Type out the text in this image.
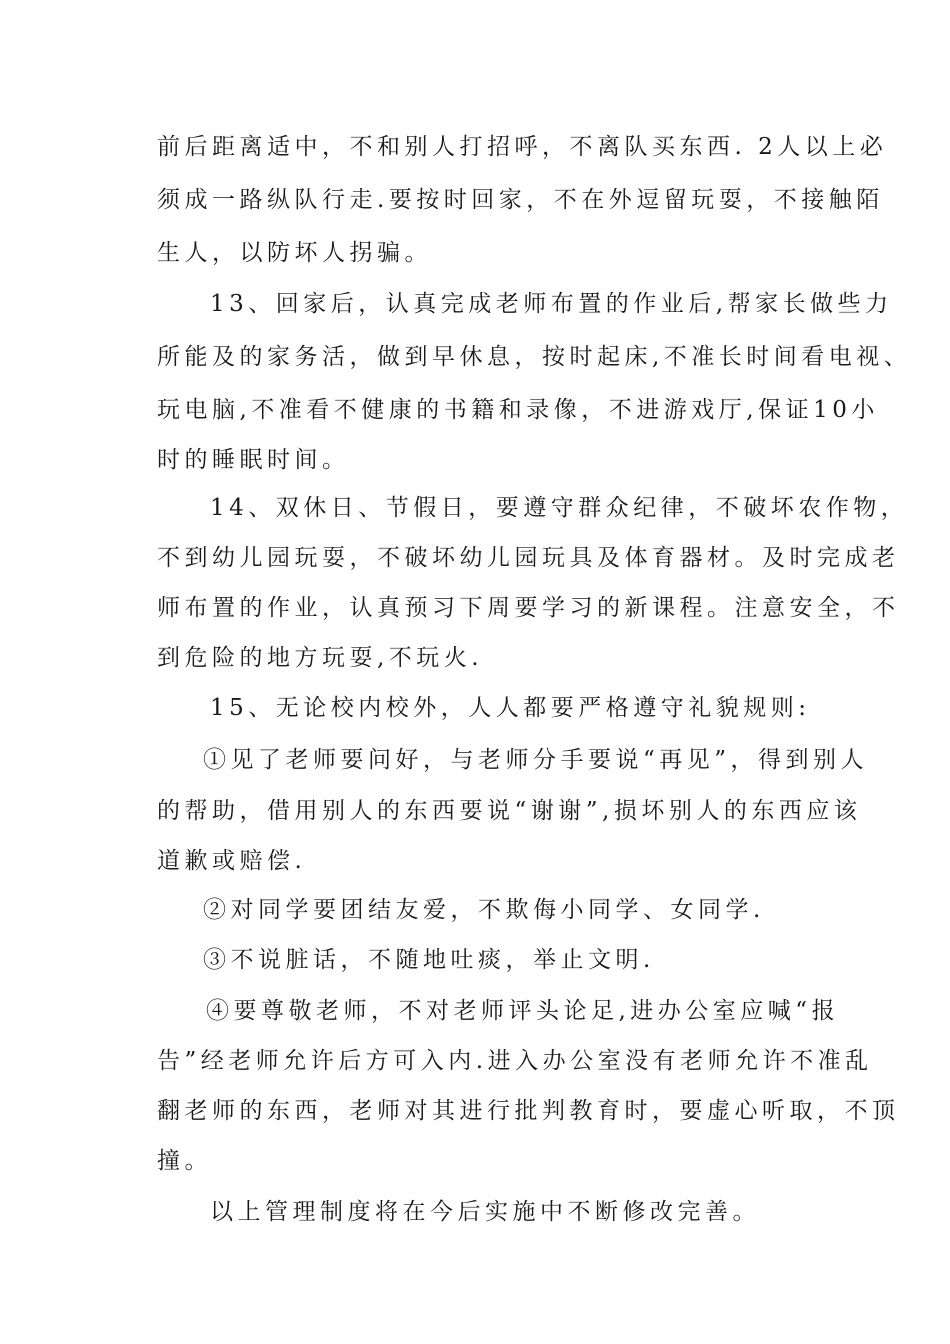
前后距离适中，不和别人打招呼，不离队买东西. 2人以上必
须成一路纵队行走.要按时回家，不在外逗留玩耍，不接触陌
生人，以防坏人拐骗。
13、回家后，认真完成老师布置的作业后,帮家长做些力
所能及的家务活，做到早休息，按时起床,不准长时间看电视、
玩电脑,不准看不健康的书籍和录像，不进游戏厅,保证10小
时的睡眠时间。
14、双休日、节假日，要遵守群众纪律，不破坏农作物，
不到幼儿园玩耍，不破坏幼儿园玩具及体育器材。及时完成老
师布置的作业，认真预习下周要学习的新课程。注意安全，不
到危险的地方玩耍,不玩火.
15、无论校内校外，人人都要严格遵守礼貌规则:
①见了老师要问好，与老师分手要说“再见”，得到别人
的帮助，借用别人的东西要说“谢谢”,损坏别人的东西应该
道歉或赔偿.
②对同学要团结友爱，不欺侮小同学、女同学.
③不说脏话，不随地吐痰，举止文明.
④要尊敬老师，不对老师评头论足,进办公室应喊“报
告”经老师允许后方可入内.进入办公室没有老师允许不准乱
翻老师的东西，老师对其进行批判教育时，要虚心听取，不顶
撞。
以上管理制度将在今后实施中不断修改完善。
